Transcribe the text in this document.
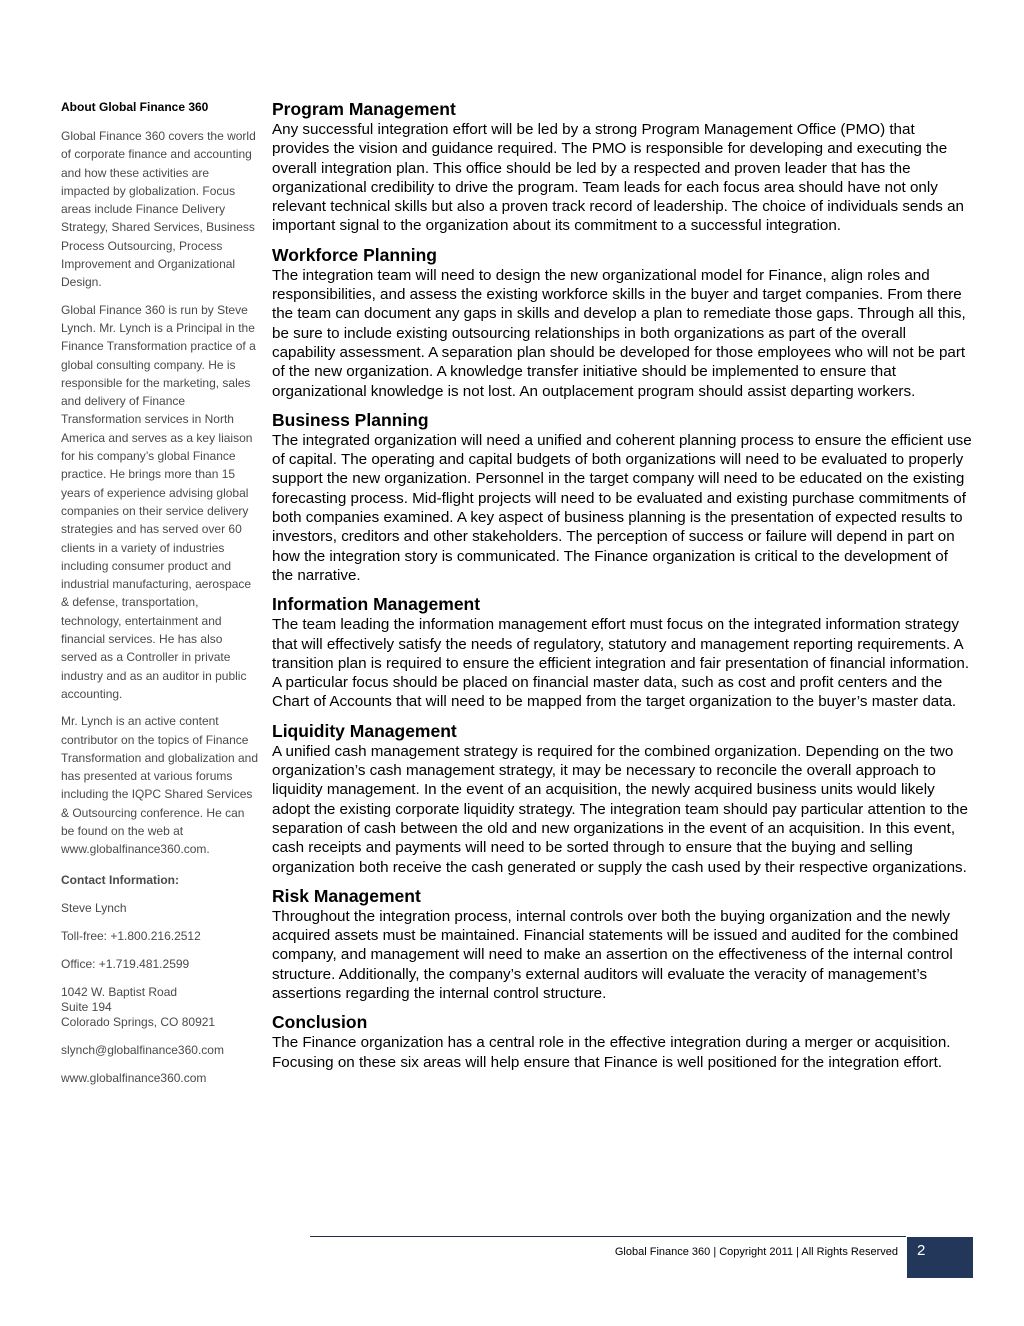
About Global Finance 360

Global Finance 360 covers the world of corporate finance and accounting and how these activities are impacted by globalization. Focus areas include Finance Delivery Strategy, Shared Services, Business Process Outsourcing, Process Improvement and Organizational Design.

Global Finance 360 is run by Steve Lynch. Mr. Lynch is a Principal in the Finance Transformation practice of a global consulting company. He is responsible for the marketing, sales and delivery of Finance Transformation services in North America and serves as a key liaison for his company’s global Finance practice. He brings more than 15 years of experience advising global companies on their service delivery strategies and has served over 60 clients in a variety of industries including consumer product and industrial manufacturing, aerospace & defense, transportation, technology, entertainment and financial services. He has also served as a Controller in private industry and as an auditor in public accounting.

Mr. Lynch is an active content contributor on the topics of Finance Transformation and globalization and has presented at various forums including the IQPC Shared Services & Outsourcing conference. He can be found on the web at www.globalfinance360.com.

Contact Information:
Steve Lynch
Toll-free: +1.800.216.2512
Office: +1.719.481.2599
1042 W. Baptist Road
Suite 194
Colorado Springs, CO 80921
slynch@globalfinance360.com
www.globalfinance360.com
Program Management

Any successful integration effort will be led by a strong Program Management Office (PMO) that provides the vision and guidance required. The PMO is responsible for developing and executing the overall integration plan. This office should be led by a respected and proven leader that has the organizational credibility to drive the program. Team leads for each focus area should have not only relevant technical skills but also a proven track record of leadership. The choice of individuals sends an important signal to the organization about its commitment to a successful integration.

Workforce Planning

The integration team will need to design the new organizational model for Finance, align roles and responsibilities, and assess the existing workforce skills in the buyer and target companies. From there the team can document any gaps in skills and develop a plan to remediate those gaps. Through all this, be sure to include existing outsourcing relationships in both organizations as part of the overall capability assessment. A separation plan should be developed for those employees who will not be part of the new organization. A knowledge transfer initiative should be implemented to ensure that organizational knowledge is not lost. An outplacement program should assist departing workers.

Business Planning

The integrated organization will need a unified and coherent planning process to ensure the efficient use of capital. The operating and capital budgets of both organizations will need to be evaluated to properly support the new organization. Personnel in the target company will need to be educated on the existing forecasting process. Mid-flight projects will need to be evaluated and existing purchase commitments of both companies examined. A key aspect of business planning is the presentation of expected results to investors, creditors and other stakeholders. The perception of success or failure will depend in part on how the integration story is communicated. The Finance organization is critical to the development of the narrative.

Information Management

The team leading the information management effort must focus on the integrated information strategy that will effectively satisfy the needs of regulatory, statutory and management reporting requirements. A transition plan is required to ensure the efficient integration and fair presentation of financial information. A particular focus should be placed on financial master data, such as cost and profit centers and the Chart of Accounts that will need to be mapped from the target organization to the buyer’s master data.

Liquidity Management

A unified cash management strategy is required for the combined organization. Depending on the two organization’s cash management strategy, it may be necessary to reconcile the overall approach to liquidity management. In the event of an acquisition, the newly acquired business units would likely adopt the existing corporate liquidity strategy. The integration team should pay particular attention to the separation of cash between the old and new organizations in the event of an acquisition. In this event, cash receipts and payments will need to be sorted through to ensure that the buying and selling organization both receive the cash generated or supply the cash used by their respective organizations.

Risk Management

Throughout the integration process, internal controls over both the buying organization and the newly acquired assets must be maintained. Financial statements will be issued and audited for the combined company, and management will need to make an assertion on the effectiveness of the internal control structure. Additionally, the company’s external auditors will evaluate the veracity of management’s assertions regarding the internal control structure.

Conclusion

The Finance organization has a central role in the effective integration during a merger or acquisition. Focusing on these six areas will help ensure that Finance is well positioned for the integration effort.

Global Finance 360 | Copyright 2011 | All Rights Reserved 2
